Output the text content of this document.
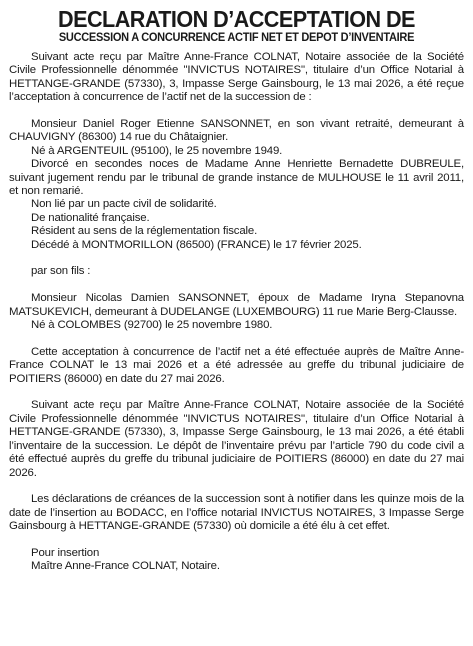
DECLARATION D’ACCEPTATION DE
SUCCESSION A CONCURRENCE ACTIF NET ET DEPOT D’INVENTAIRE

Suivant acte reçu par Maître Anne-France COLNAT, Notaire associée de la Société Civile Professionnelle dénommée "INVICTUS NOTAIRES", titulaire d’un Office Notarial à HETTANGE-GRANDE (57330), 3, Impasse Serge Gainsbourg, le 13 mai 2026, a été reçue l’acceptation à concurrence de l’actif net de la succession de :

Monsieur Daniel Roger Etienne SANSONNET, en son vivant retraité, demeurant à CHAUVIGNY (86300) 14 rue du Châtaignier.

Né à ARGENTEUIL (95100), le 25 novembre 1949.

Divorcé en secondes noces de Madame Anne Henriette Bernadette DUBREULE, suivant jugement rendu par le tribunal de grande instance de MULHOUSE le 11 avril 2011, et non remarié.

Non lié par un pacte civil de solidarité.

De nationalité française.

Résident au sens de la réglementation fiscale.

Décédé à MONTMORILLON (86500) (FRANCE) le 17 février 2025.

par son fils :

Monsieur Nicolas Damien SANSONNET, époux de Madame Iryna Stepanovna MATSUKEVICH, demeurant à DUDELANGE (LUXEMBOURG) 11 rue Marie Berg-Clausse.

Né à COLOMBES (92700) le 25 novembre 1980.

Cette acceptation à concurrence de l’actif net a été effectuée auprès de Maître Anne-France COLNAT le 13 mai 2026 et a été adressée au greffe du tribunal judiciaire de POITIERS (86000) en date du 27 mai 2026.

Suivant acte reçu par Maître Anne-France COLNAT, Notaire associée de la Société Civile Professionnelle dénommée "INVICTUS NOTAIRES", titulaire d’un Office Notarial à HETTANGE-GRANDE (57330), 3, Impasse Serge Gainsbourg, le 13 mai 2026, a été établi l’inventaire de la succession. Le dépôt de l’inventaire prévu par l’article 790 du code civil a été effectué auprès du greffe du tribunal judiciaire de POITIERS (86000) en date du 27 mai 2026.

Les déclarations de créances de la succession sont à notifier dans les quinze mois de la date de l’insertion au BODACC, en l’office notarial INVICTUS NOTAIRES, 3 Impasse Serge Gainsbourg à HETTANGE-GRANDE (57330) où domicile a été élu à cet effet.

Pour insertion

Maître Anne-France COLNAT, Notaire.
